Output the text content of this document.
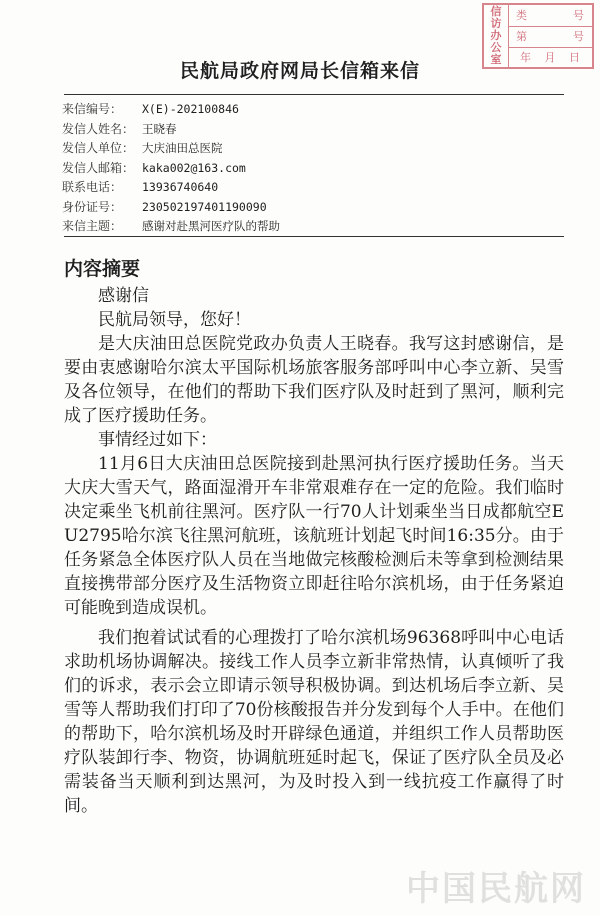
信
访
办
公
室
类	号
第	号
年 月 日
民航局政府网局长信箱来信
来信编号： X(E)-202100846
发信人姓名： 王晓春
发信人单位： 大庆油田总医院
发信人邮箱： kaka002@163.com
联系电话： 13936740640
身份证号： 230502197401190090
来信主题： 感谢对赴黑河医疗队的帮助
内容摘要

感谢信

民航局领导，您好！

是大庆油田总医院党政办负责人王晓春。我写这封感谢信，是要由衷感谢哈尔滨太平国际机场旅客服务部呼叫中心李立新、吴雪及各位领导，在他们的帮助下我们医疗队及时赶到了黑河，顺利完成了医疗援助任务。

事情经过如下：

11月6日大庆油田总医院接到赴黑河执行医疗援助任务。当天大庆大雪天气，路面湿滑开车非常艰难存在一定的危险。我们临时决定乘坐飞机前往黑河。医疗队一行70人计划乘坐当日成都航空EU2795哈尔滨飞往黑河航班，该航班计划起飞时间16:35分。由于任务紧急全体医疗队人员在当地做完核酸检测后未等拿到检测结果直接携带部分医疗及生活物资立即赶往哈尔滨机场，由于任务紧迫可能晚到造成误机。

我们抱着试试看的心理拨打了哈尔滨机场96368呼叫中心电话求助机场协调解决。接线工作人员李立新非常热情，认真倾听了我们的诉求，表示会立即请示领导积极协调。到达机场后李立新、吴雪等人帮助我们打印了70份核酸报告并分发到每个人手中。在他们的帮助下，哈尔滨机场及时开辟绿色通道，并组织工作人员帮助医疗队装卸行李、物资，协调航班延时起飞，保证了医疗队全员及必需装备当天顺利到达黑河，为及时投入到一线抗疫工作赢得了时间。

中国民航网
